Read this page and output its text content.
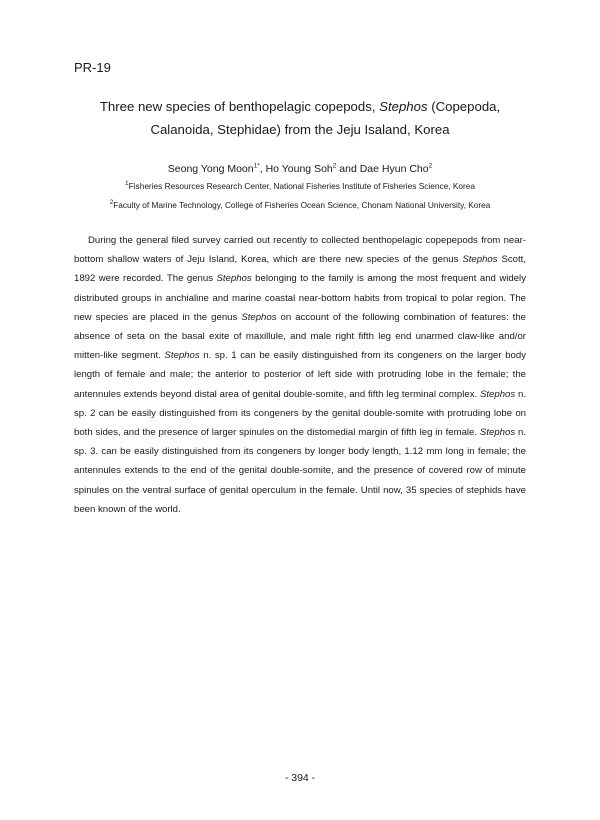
PR-19
Three new species of benthopelagic copepods, Stephos (Copepoda,
Calanoida, Stephidae) from the Jeju Isaland, Korea
Seong Yong Moon$^{1*}$, Ho Young Soh$^2$ and Dae Hyun Cho$^2$
$^1$Fisheries Resources Research Center, National Fisheries Institute of Fisheries Science, Korea
$^2$Faculty of Marine Technology, College of Fisheries Ocean Science, Chonam National University, Korea
During the general filed survey carried out recently to collected benthopelagic copepepods from near-bottom shallow waters of Jeju Island, Korea, which are there new species of the genus Stephos Scott, 1892 were recorded. The genus Stephos belonging to the family is among the most frequent and widely distributed groups in anchialine and marine coastal near-bottom habits from tropical to polar region. The new species are placed in the genus Stephos on account of the following combination of features: the absence of seta on the basal exite of maxillule, and male right fifth leg end unarmed claw-like and/or mitten-like segment. Stephos n. sp. 1 can be easily distinguished from its congeners on the larger body length of female and male; the anterior to posterior of left side with protruding lobe in the female; the antennules extends beyond distal area of genital double-somite, and fifth leg terminal complex. Stephos n. sp. 2 can be easily distinguished from its congeners by the genital double-somite with protruding lobe on both sides, and the presence of larger spinules on the distomedial margin of fifth leg in female. Stephos n. sp. 3. can be easily distinguished from its congeners by longer body length, 1.12 mm long in female; the antennules extends to the end of the genital double-somite, and the presence of covered row of minute spinules on the ventral surface of genital operculum in the female. Until now, 35 species of stephids have been known of the world.
- 394 -
